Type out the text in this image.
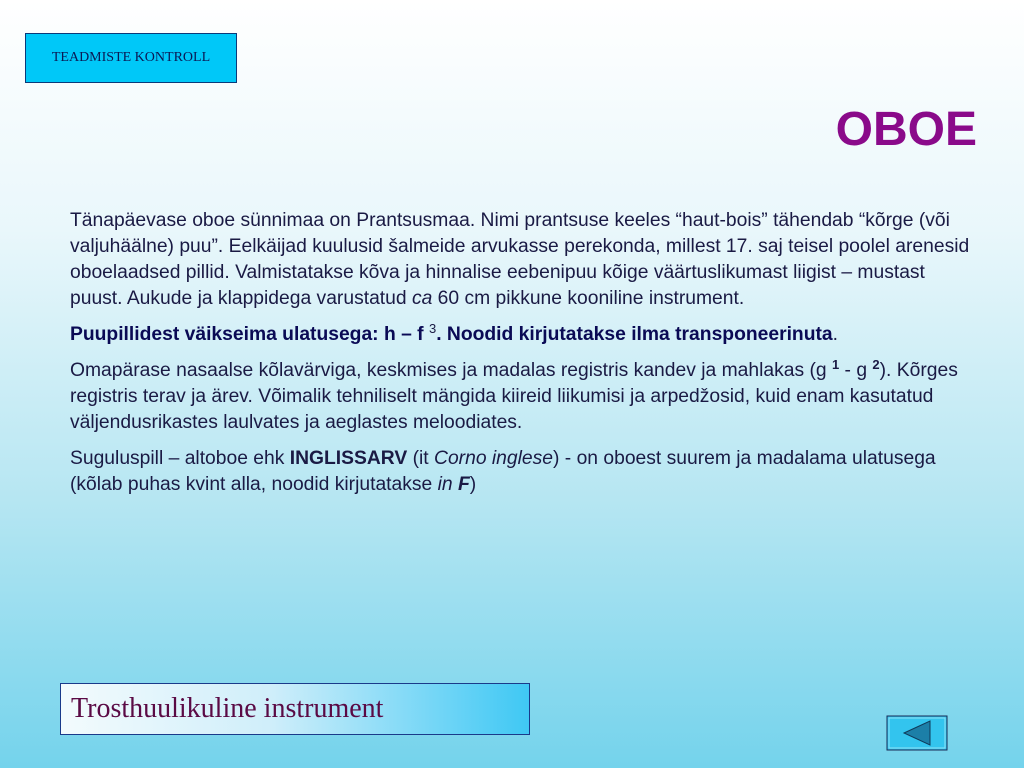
TEADMISTE KONTROLL
OBOE

Tänapäevase oboe sünnimaa on Prantsusmaa. Nimi prantsuse keeles “haut-bois” tähendab “kõrge (või valjuhäälne) puu”. Eelkäijad kuulusid šalmeide arvukasse perekonda, millest 17. saj teisel poolel arenesid oboelaadsed pillid. Valmistatakse kõva ja hinnalise eebenipuu kõige väärtuslikumast liigist – mustast puust. Aukude ja klappidega varustatud ca 60 cm pikkune kooniline instrument.

Puupillidest väikseima ulatusega: h – f $^3$. Noodid kirjutatakse ilma transponeerinuta.

Omapärase nasaalse kõlavärviga, keskmises ja madalas registris kandev ja mahlakas (g $^1$ - g $^2$). Kõrges registris terav ja ärev. Võimalik tehniliselt mängida kiireid liikumisi ja arpedžosid, kuid enam kasutatud väljendusrikastes laulvates ja aeglastes meloodiates.

Suguluspill – altoboe ehk INGLISSARV (it Corno inglese) - on oboest suurem ja madalama ulatusega (kõlab puhas kvint alla, noodid kirjutatakse in F)

Trosthuulikuline instrument
